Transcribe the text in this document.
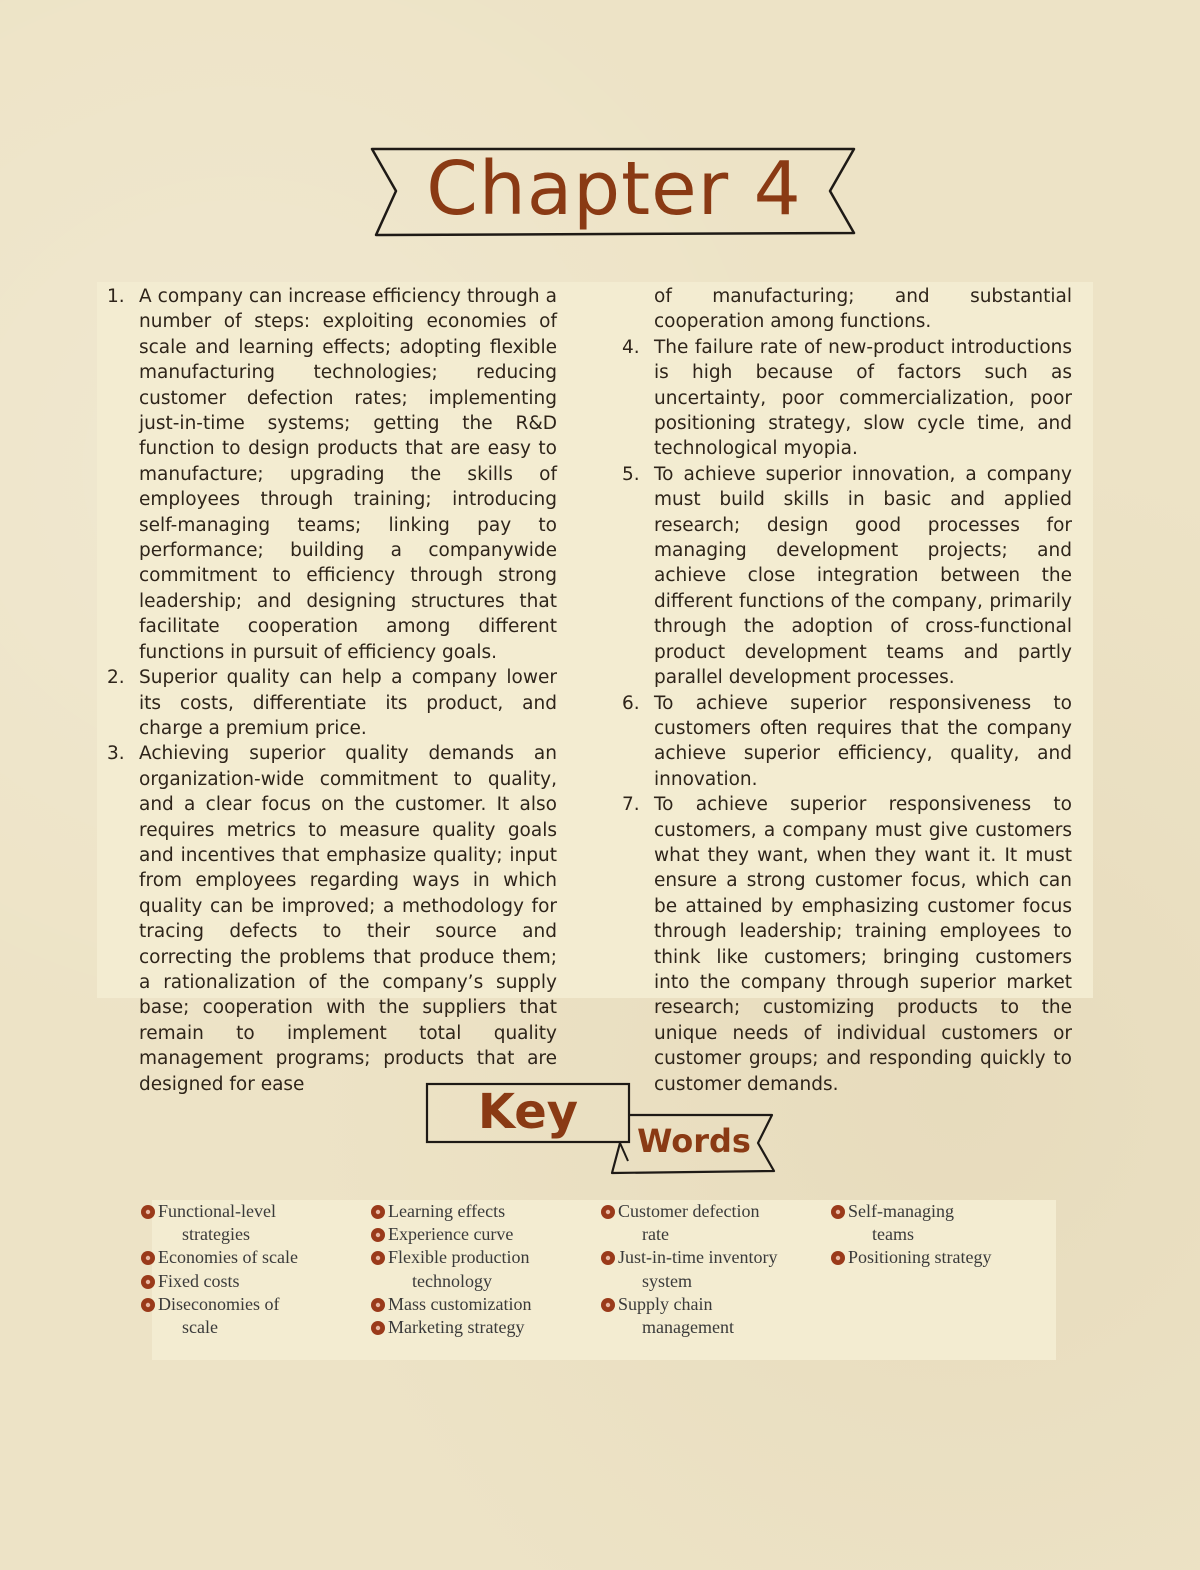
Chapter 4
1. A company can increase efficiency through a number of steps: exploiting economies of scale and learning effects; adopting flexible manufacturing technologies; reducing customer defection rates; implementing just-in-time systems; getting the R&D function to design products that are easy to manufacture; upgrading the skills of employees through training; introducing self-managing teams; linking pay to performance; building a companywide commitment to efficiency through strong leadership; and designing structures that facilitate cooperation among different functions in pursuit of efficiency goals.
2. Superior quality can help a company lower its costs, differentiate its product, and charge a premium price.
3. Achieving superior quality demands an organization-wide commitment to quality, and a clear focus on the customer. It also requires metrics to measure quality goals and incentives that emphasize quality; input from employees regarding ways in which quality can be improved; a methodology for tracing defects to their source and correcting the problems that produce them; a rationalization of the company’s supply base; cooperation with the suppliers that remain to implement total quality management programs; products that are designed for ease
of manufacturing; and substantial cooperation among functions.
4. The failure rate of new-product introductions is high because of factors such as uncertainty, poor commercialization, poor positioning strategy, slow cycle time, and technological myopia.
5. To achieve superior innovation, a company must build skills in basic and applied research; design good processes for managing development projects; and achieve close integration between the different functions of the company, primarily through the adoption of cross-functional product development teams and partly parallel development processes.
6. To achieve superior responsiveness to customers often requires that the company achieve superior efficiency, quality, and innovation.
7. To achieve superior responsiveness to customers, a company must give customers what they want, when they want it. It must ensure a strong customer focus, which can be attained by emphasizing customer focus through leadership; training employees to think like customers; bringing customers into the company through superior market research; customizing products to the unique needs of individual customers or customer groups; and responding quickly to customer demands.
Key
Words
Functional-level
strategies
Economies of scale
Fixed costs
Diseconomies of
scale
Learning effects
Experience curve
Flexible production
technology
Mass customization
Marketing strategy
Customer defection
rate
Just-in-time inventory
system
Supply chain
management
Self-managing
teams
Positioning strategy
